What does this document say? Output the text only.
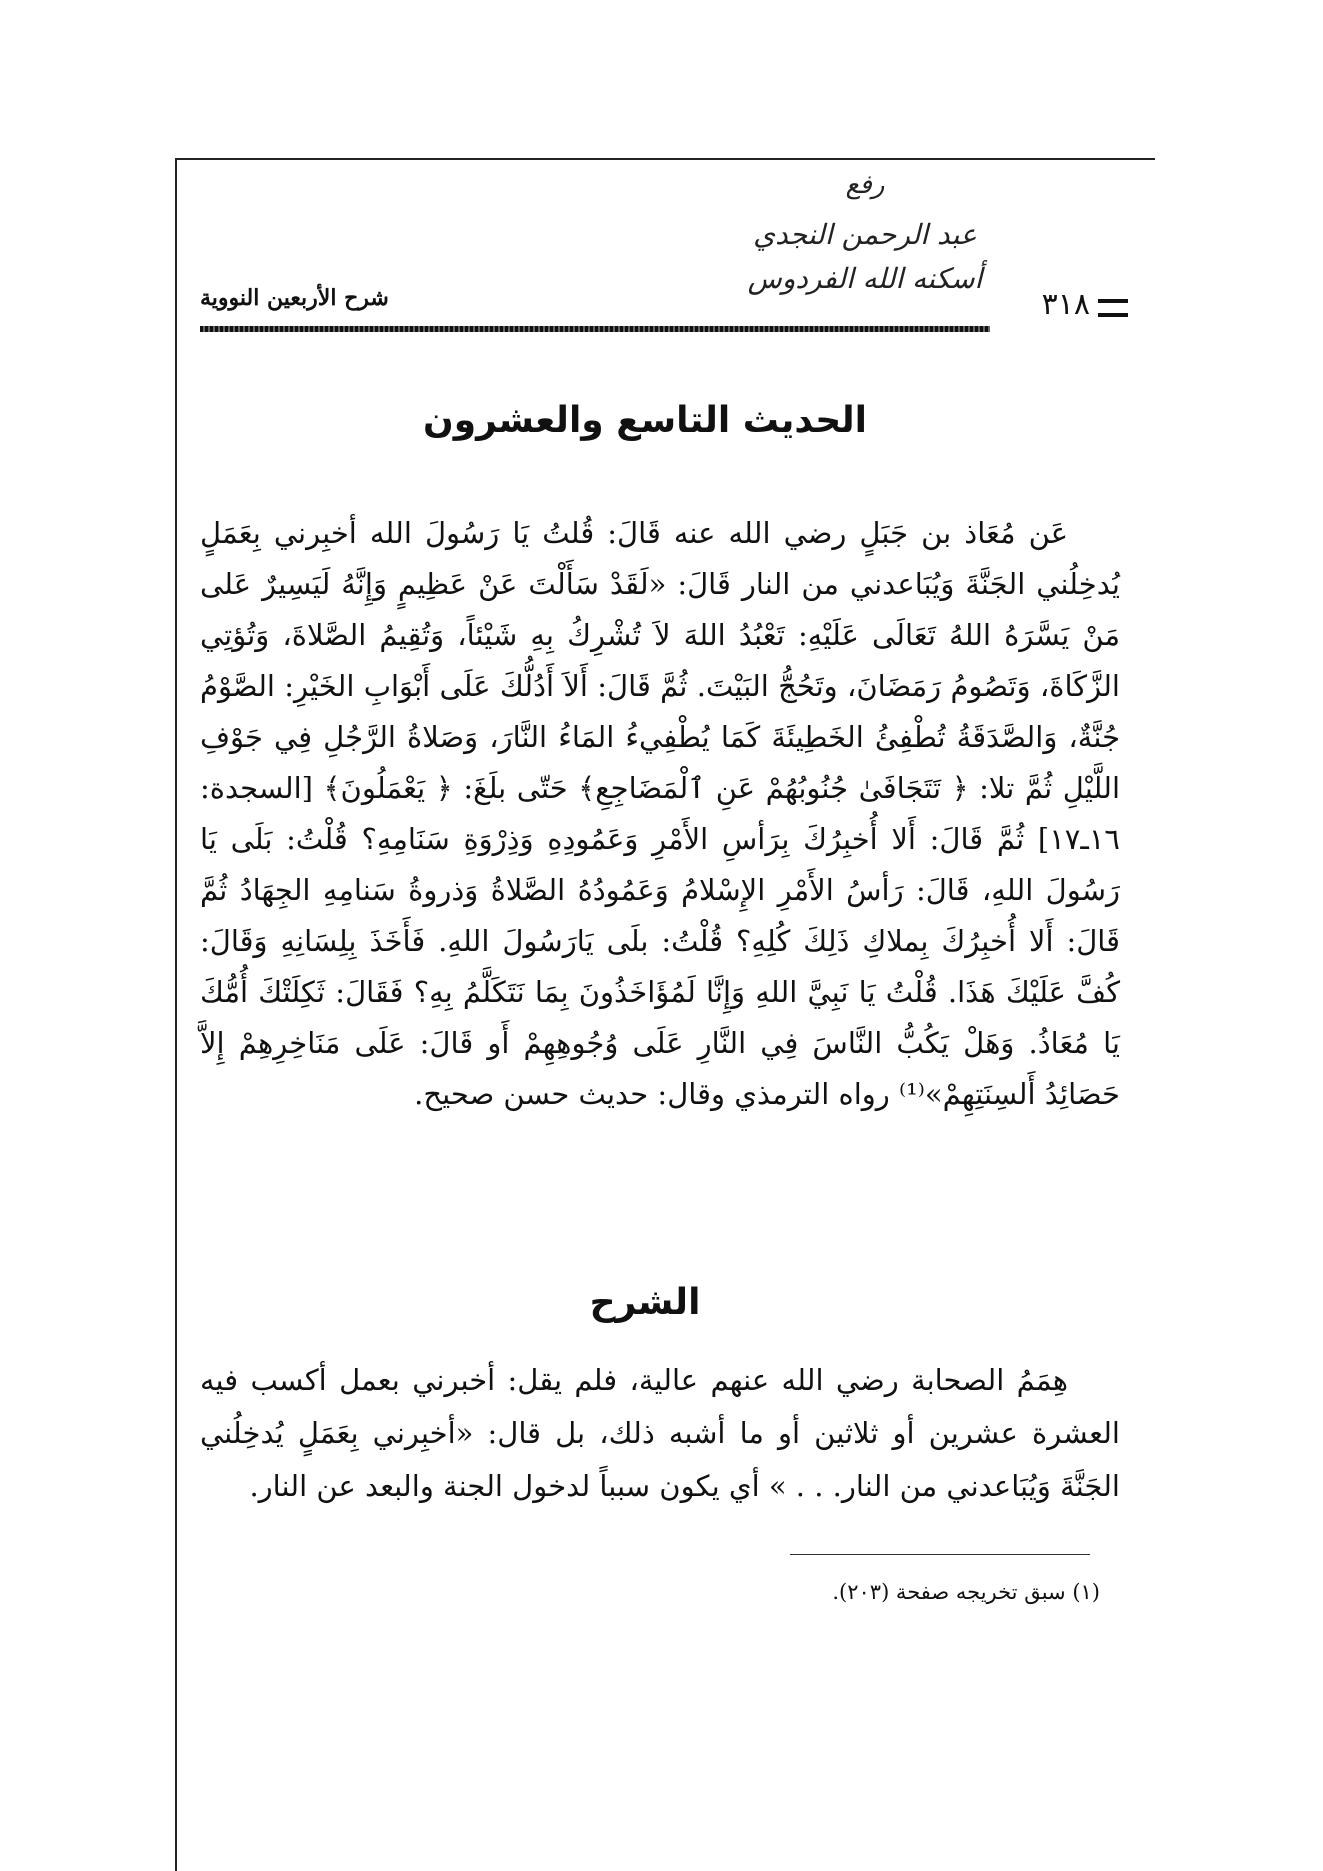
رفع
عبد الرحمن النجدي
أسكنه الله الفردوس
شرح الأربعين النووية	٣١٨
الحديث التاسع والعشرون

عَن مُعَاذ بن جَبَلٍ رضي الله عنه قَالَ: قُلتُ يَا رَسُولَ الله أخبِرني بِعَمَلٍ يُدخِلُني الجَنَّةَ وَيُبَاعدني من النار قَالَ: «لَقَدْ سَأَلْتَ عَنْ عَظِيمٍ وَإِنَّهُ لَيَسِيرٌ عَلى مَنْ يَسَّرَهُ اللهُ تَعَالَى عَلَيْهِ: تَعْبُدُ اللهَ لاَ تُشْرِكُ بِهِ شَيْئاً، وَتُقِيمُ الصَّلاةَ، وَتُؤتِي الزَّكَاةَ، وَتَصُومُ رَمَضَانَ، وتَحُجُّ البَيْتَ. ثُمَّ قَالَ: أَلاَ أَدُلُّكَ عَلَى أَبْوَابِ الخَيْرِ: الصَّوْمُ جُنَّةٌ، وَالصَّدَقَةُ تُطْفِئُ الخَطِيئَةَ كَمَا يُطْفِيءُ المَاءُ النَّارَ، وَصَلاةُ الرَّجُلِ فِي جَوْفِ اللَّيْلِ ثُمَّ تلا: ﴿ تَتَجَافَىٰ جُنُوبُهُمْ عَنِ ٱلْمَضَاجِعِ﴾ حَتّى بلَغَ: ﴿ يَعْمَلُونَ﴾ [السجدة: ١٦ـ١٧] ثُمَّ قَالَ: أَلا أُخبِرُكَ بِرَأسِ الأَمْرِ وَعَمُودِهِ وَذِرْوَةِ سَنَامِهِ؟ قُلْتُ: بَلَى يَا رَسُولَ اللهِ، قَالَ: رَأسُ الأَمْرِ الإِسْلامُ وَعَمُودُهُ الصَّلاةُ وَذروةُ سَنامِهِ الجِهَادُ ثُمَّ قَالَ: أَلا أُخبِرُكَ بِملاكِ ذَلِكَ كُلِهِ؟ قُلْتُ: بلَى يَارَسُولَ اللهِ. فَأَخَذَ بِلِسَانِهِ وَقَالَ: كُفَّ عَلَيْكَ هَذَا. قُلْتُ يَا نَبِيَّ اللهِ وَإِنَّا لَمُؤَاخَذُونَ بِمَا نَتَكَلَّمُ بِهِ؟ فَقَالَ: ثَكِلَتْكَ أُمُّكَ يَا مُعَاذُ. وَهَلْ يَكُبُّ النَّاسَ فِي النَّارِ عَلَى وُجُوهِهِمْ أَو قَالَ: عَلَى مَنَاخِرِهِمْ إِلاَّ حَصَائِدُ أَلسِنَتِهِمْ»⁽¹⁾ رواه الترمذي وقال: حديث حسن صحيح.

الشرح

هِمَمُ الصحابة رضي الله عنهم عالية، فلم يقل: أخبرني بعمل أكسب فيه العشرة عشرين أو ثلاثين أو ما أشبه ذلك، بل قال: «أخبِرني بِعَمَلٍ يُدخِلُني الجَنَّةَ وَيُبَاعدني من النار. . . » أي يكون سبباً لدخول الجنة والبعد عن النار.

(١) سبق تخريجه صفحة (٢٠٣).
